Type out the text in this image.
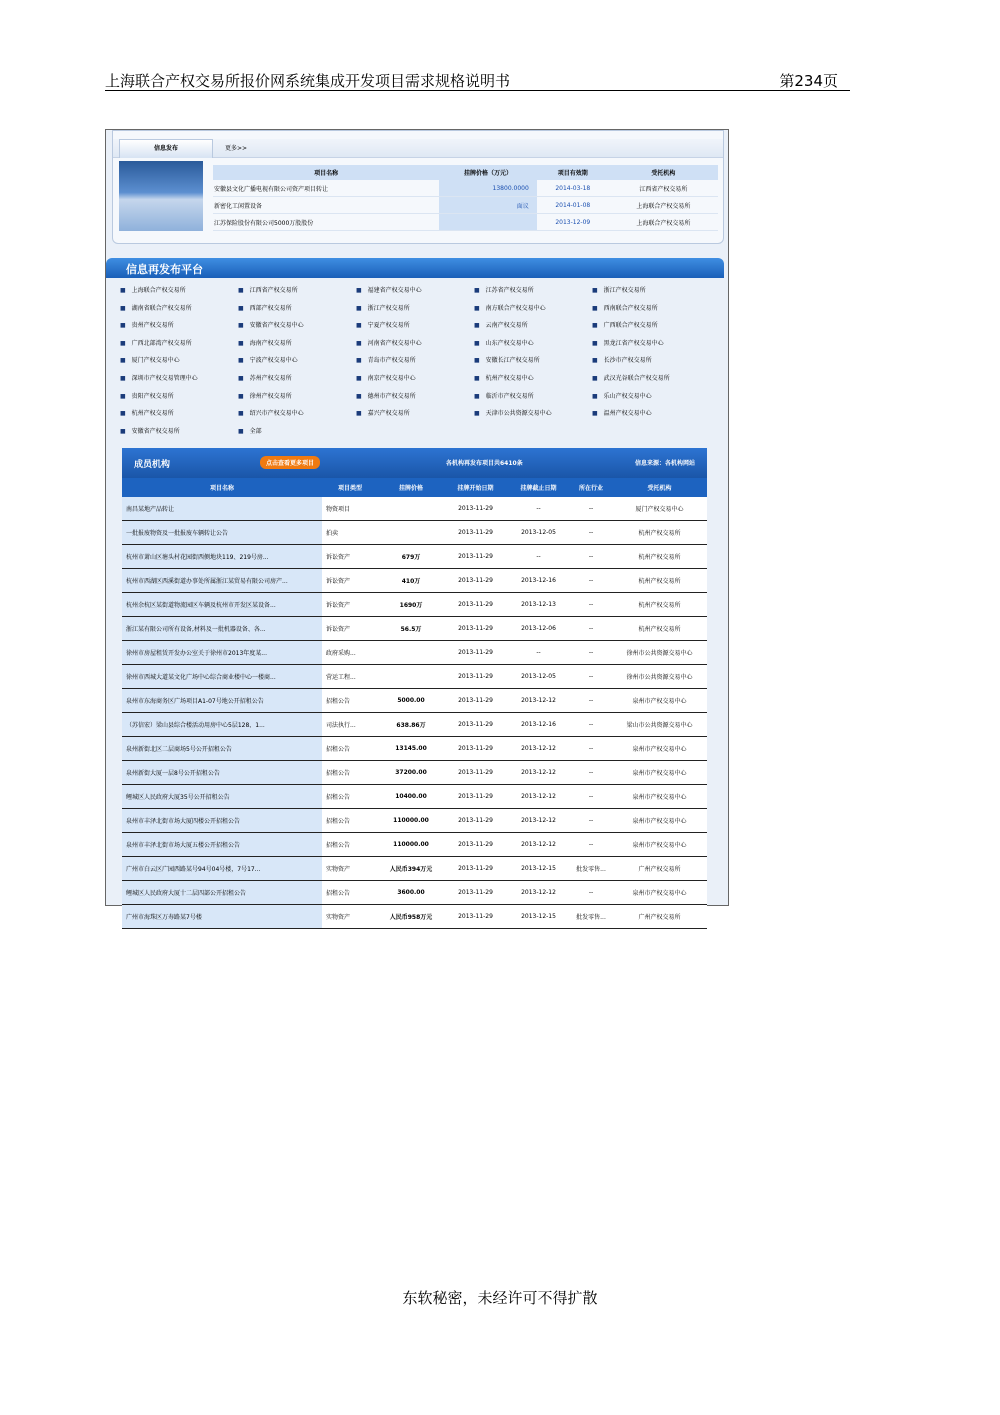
上海联合产权交易所报价网系统集成开发项目需求规格说明书	第234页
信息发布	更多>>
项目名称	挂牌价格（万元）	项目有效期	受托机构
安徽县文化广播电视有限公司资产项目转让	13800.0000	2014-03-18	江西省产权交易所
新密化工闲置设备	面议	2014-01-08	上海联合产权交易所
江苏保险股份有限公司5000万股股份		2013-12-09	上海联合产权交易所
信息再发布平台
■ 上海联合产权交易所	■ 江西省产权交易所	■ 福建省产权交易中心	■ 江苏省产权交易所	■ 浙江产权交易所
■ 湖南省联合产权交易所	■ 西部产权交易所	■ 浙江产权交易所	■ 南方联合产权交易中心	■ 西南联合产权交易所
■ 贵州产权交易所	■ 安徽省产权交易中心	■ 宁夏产权交易所	■ 云南产权交易所	■ 广西联合产权交易所
■ 广西北部湾产权交易所	■ 海南产权交易所	■ 河南省产权交易中心	■ 山东产权交易中心	■ 黑龙江省产权交易中心
■ 厦门产权交易中心	■ 宁波产权交易中心	■ 青岛市产权交易所	■ 安徽长江产权交易所	■ 长沙市产权交易所
■ 深圳市产权交易管理中心	■ 苏州产权交易所	■ 南京产权交易中心	■ 杭州产权交易中心	■ 武汉光谷联合产权交易所
■ 贵阳产权交易所	■ 徐州产权交易所	■ 德州市产权交易所	■ 临沂市产权交易所	■ 乐山产权交易中心
■ 杭州产权交易所	■ 绍兴市产权交易中心	■ 嘉兴产权交易所	■ 天津市公共资源交易中心	■ 温州产权交易中心
■ 安徽省产权交易所	■ 全部
成员机构	点击查看更多项目	各机构再发布项目共6410条	信息来源：各机构网站
项目名称	项目类型	挂牌价格	挂牌开始日期	挂牌截止日期	所在行业	受托机构
南昌某地产品转让	物资项目		2013-11-29	--	--	厦门产权交易中心
一批报废物资及一批报废车辆转让公告	拍卖		2013-11-29	2013-12-05	--	杭州产权交易所
杭州市萧山区塘头村花园街西侧地块119、219号房...	诉讼资产	679万	2013-11-29	--	--	杭州产权交易所
杭州市西湖区西溪街道办事处所属浙江某贸易有限公司房产...	诉讼资产	410万	2013-11-29	2013-12-16	--	杭州产权交易所
杭州余杭区某街道物流园区车辆及杭州市开发区某设备...	诉讼资产	1690万	2013-11-29	2013-12-13	--	杭州产权交易所
浙江某有限公司所有设备,材料及一批机器设备、各...	诉讼资产	56.5万	2013-11-29	2013-12-06	--	杭州产权交易所
徐州市房屋租赁开发办公室关于徐州市2013年度某...	政府采购...		2013-11-29	--	--	徐州市公共资源交易中心
徐州市西城大道某文化广场中心综合商业楼中心一楼商...	营运工程...		2013-11-29	2013-12-05	--	徐州市公共资源交易中心
泉州市东海商务区广场项目A1-07号地公开招租公告	招租公告	5000.00	2013-11-29	2013-12-12	--	泉州市产权交易中心
（苏信宏）梁山县综合楼活动用房中心5层128、1...	司法执行...	638.86万	2013-11-29	2013-12-16	--	梁山市公共资源交易中心
泉州新街北区二层商场5号公开招租公告	招租公告	13145.00	2013-11-29	2013-12-12	--	泉州市产权交易中心
泉州新街大厦一层8号公开招租公告	招租公告	37200.00	2013-11-29	2013-12-12	--	泉州市产权交易中心
鲤城区人民政府大厦35号公开招租公告	招租公告	10400.00	2013-11-29	2013-12-12	--	泉州市产权交易中心
泉州市丰泽北街市场大厦四楼公开招租公告	招租公告	110000.00	2013-11-29	2013-12-12	--	泉州市产权交易中心
泉州市丰泽北街市场大厦五楼公开招租公告	招租公告	110000.00	2013-11-29	2013-12-12	--	泉州市产权交易中心
广州市白云区广园西路某号94号04号楼，7号17...	实物资产	人民币394万元	2013-11-29	2013-12-15	批发零售...	广州产权交易所
鲤城区人民政府大厦十二层四部公开招租公告	招租公告	3600.00	2013-11-29	2013-12-12	--	泉州市产权交易中心
广州市海珠区万寿路某7号楼	实物资产	人民币958万元	2013-11-29	2013-12-15	批发零售...	广州产权交易所
东软秘密，未经许可不得扩散
